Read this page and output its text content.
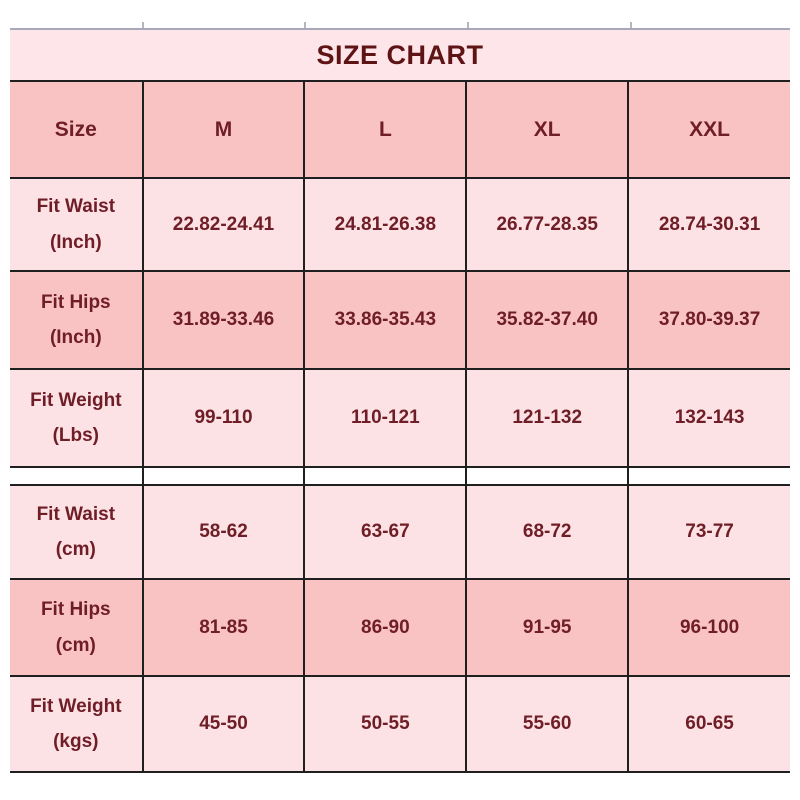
SIZE CHART				
Size	M	L	XL	XXL
Fit Waist
(Inch)	22.82-24.41	24.81-26.38	26.77-28.35	28.74-30.31
Fit Hips
(Inch)	31.89-33.46	33.86-35.43	35.82-37.40	37.80-39.37
Fit Weight
(Lbs)	99-110	110-121	121-132	132-143

Fit Waist
(cm)	58-62	63-67	68-72	73-77
Fit Hips
(cm)	81-85	86-90	91-95	96-100
Fit Weight
(kgs)	45-50	50-55	55-60	60-65
